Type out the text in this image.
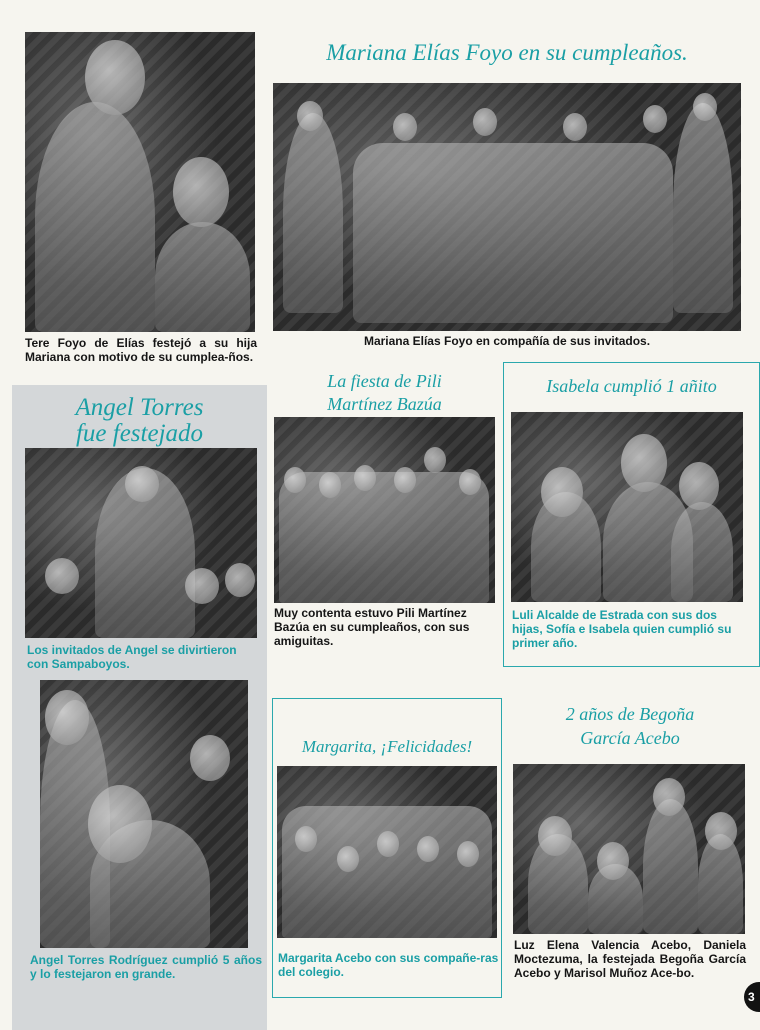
Tere Foyo de Elías festejó a su hija Mariana con motivo de su cumplea-ños.

Mariana Elías Foyo en su cumpleaños.

Mariana Elías Foyo en compañía de sus invitados.

Angel Torres
fue festejado

Los invitados de Angel se divirtieron con Sampaboyos.

Angel Torres Rodríguez cumplió 5 años y lo festejaron en grande.

La fiesta de Pili
Martínez Bazúa

Muy contenta estuvo Pili Martínez Bazúa en su cumpleaños, con sus amiguitas.

Isabela cumplió 1 añito

Luli Alcalde de Estrada con sus dos hijas, Sofía e Isabela quien cumplió su primer año.

Margarita, ¡Felicidades!

Margarita Acebo con sus compañe-ras del colegio.

2 años de Begoña
García Acebo

Luz Elena Valencia Acebo, Daniela Moctezuma, la festejada Begoña García Acebo y Marisol Muñoz Ace-bo.

3
